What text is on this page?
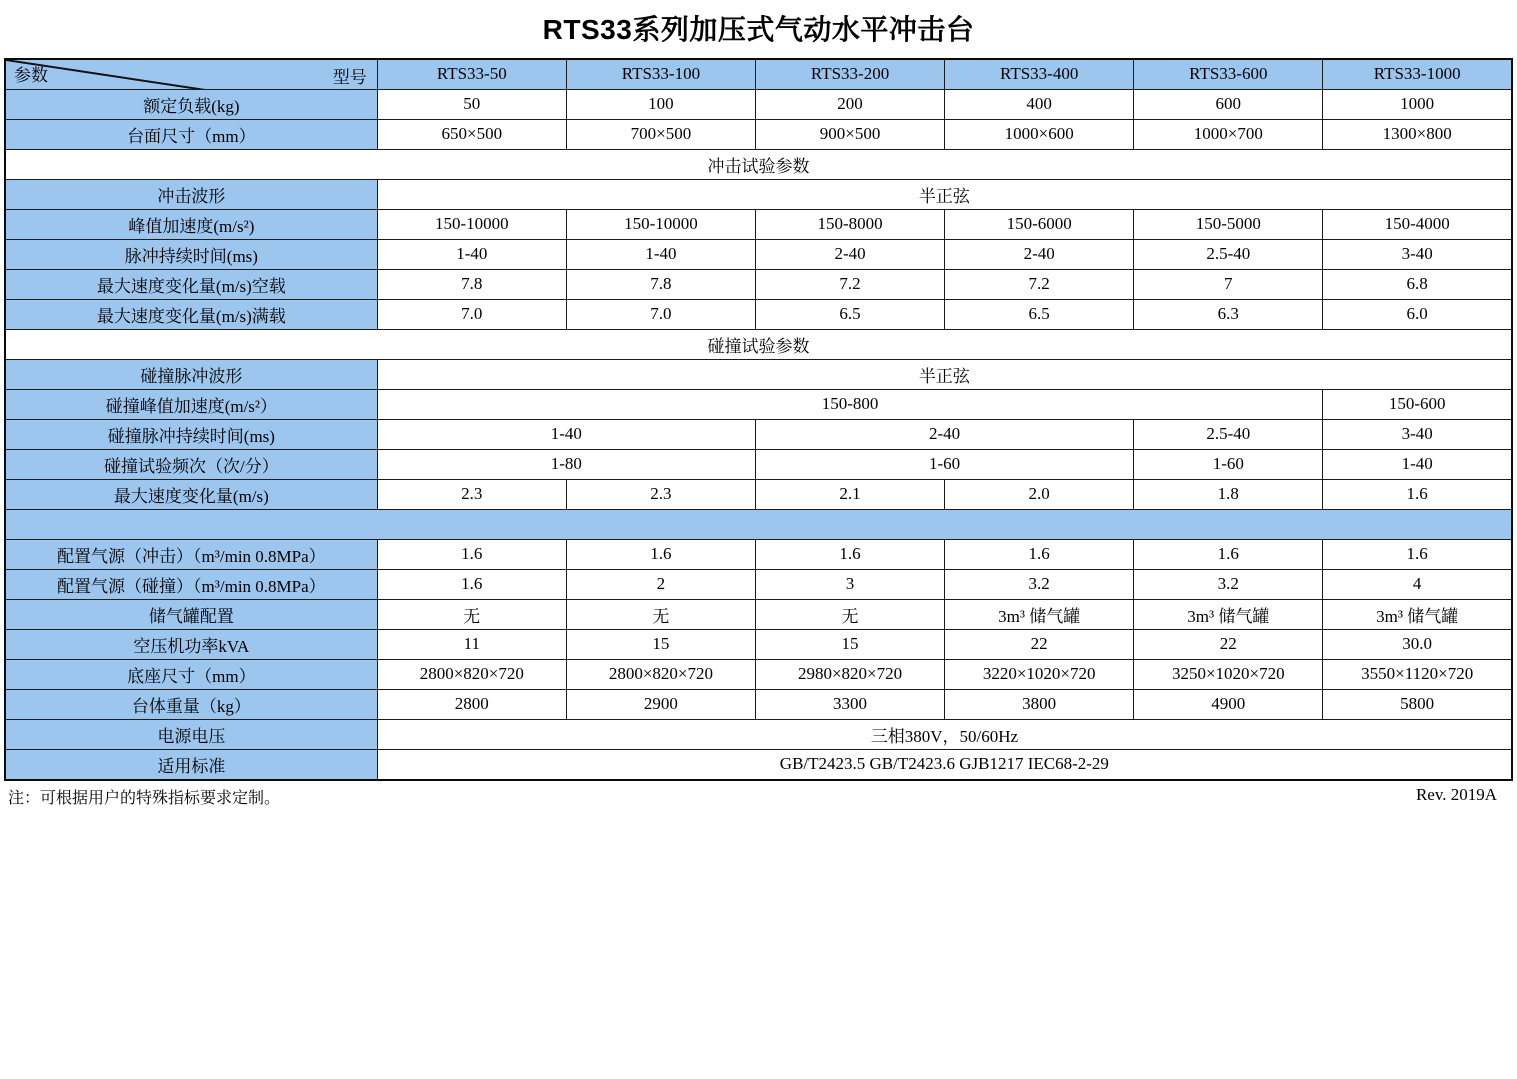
RTS33系列加压式气动水平冲击台
参数 型号	RTS33-50	RTS33-100	RTS33-200	RTS33-400	RTS33-600	RTS33-1000
额定负载(kg)	50	100	200	400	600	1000
台面尺寸（mm）	650×500	700×500	900×500	1000×600	1000×700	1300×800
冲击试验参数						
冲击波形	半正弦					
峰值加速度(m/s²)	150-10000	150-10000	150-8000	150-6000	150-5000	150-4000
脉冲持续时间(ms)	1-40	1-40	2-40	2-40	2.5-40	3-40
最大速度变化量(m/s)空载	7.8	7.8	7.2	7.2	7	6.8
最大速度变化量(m/s)满载	7.0	7.0	6.5	6.5	6.3	6.0
碰撞试验参数						
碰撞脉冲波形	半正弦					
碰撞峰值加速度(m/s²）	150-800					150-600
碰撞脉冲持续时间(ms)	1-40		2-40		2.5-40	3-40
碰撞试验频次（次/分）	1-80		1-60		1-60	1-40
最大速度变化量(m/s)	2.3	2.3	2.1	2.0	1.8	1.6

配置气源（冲击）（m³/min 0.8MPa）	1.6	1.6	1.6	1.6	1.6	1.6
配置气源（碰撞）（m³/min 0.8MPa）	1.6	2	3	3.2	3.2	4
储气罐配置	无	无	无	3m³ 储气罐	3m³ 储气罐	3m³ 储气罐
空压机功率kVA	11	15	15	22	22	30.0
底座尺寸（mm）	2800×820×720	2800×820×720	2980×820×720	3220×1020×720	3250×1020×720	3550×1120×720
台体重量（kg）	2800	2900	3300	3800	4900	5800
电源电压	三相380V，50/60Hz					
适用标准	GB/T2423.5 GB/T2423.6 GJB1217 IEC68-2-29					
注：可根据用户的特殊指标要求定制。	Rev. 2019A
